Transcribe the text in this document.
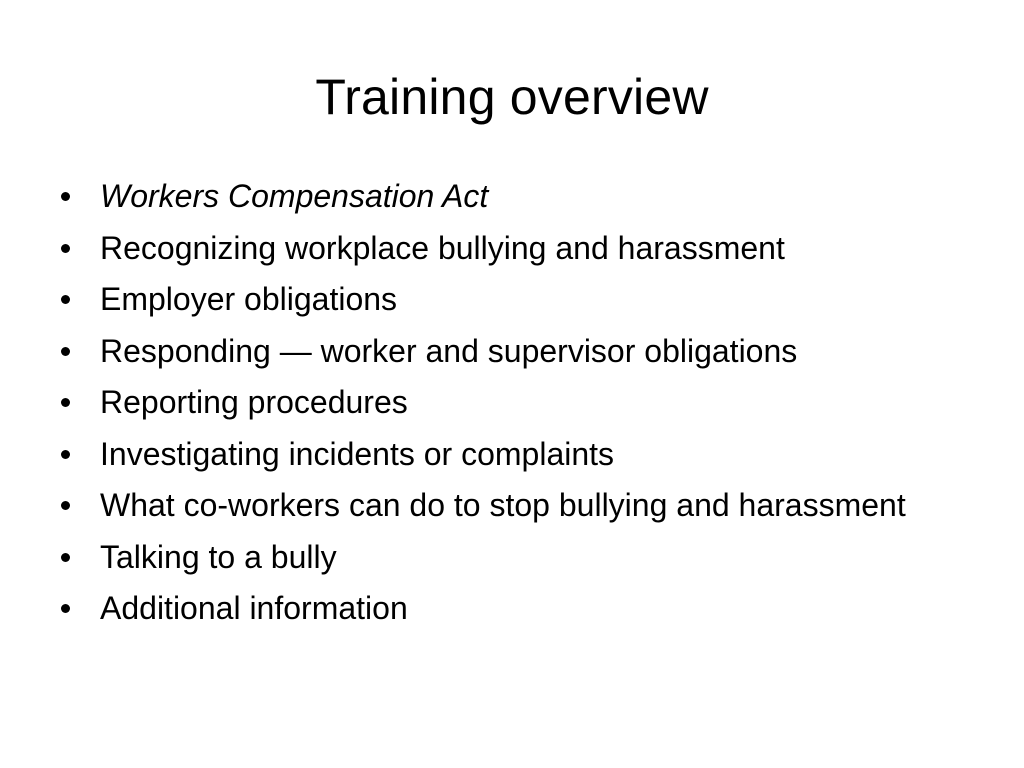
Training overview
Workers Compensation Act
Recognizing workplace bullying and harassment
Employer obligations
Responding — worker and supervisor obligations
Reporting procedures
Investigating incidents or complaints
What co-workers can do to stop bullying and harassment
Talking to a bully
Additional information
